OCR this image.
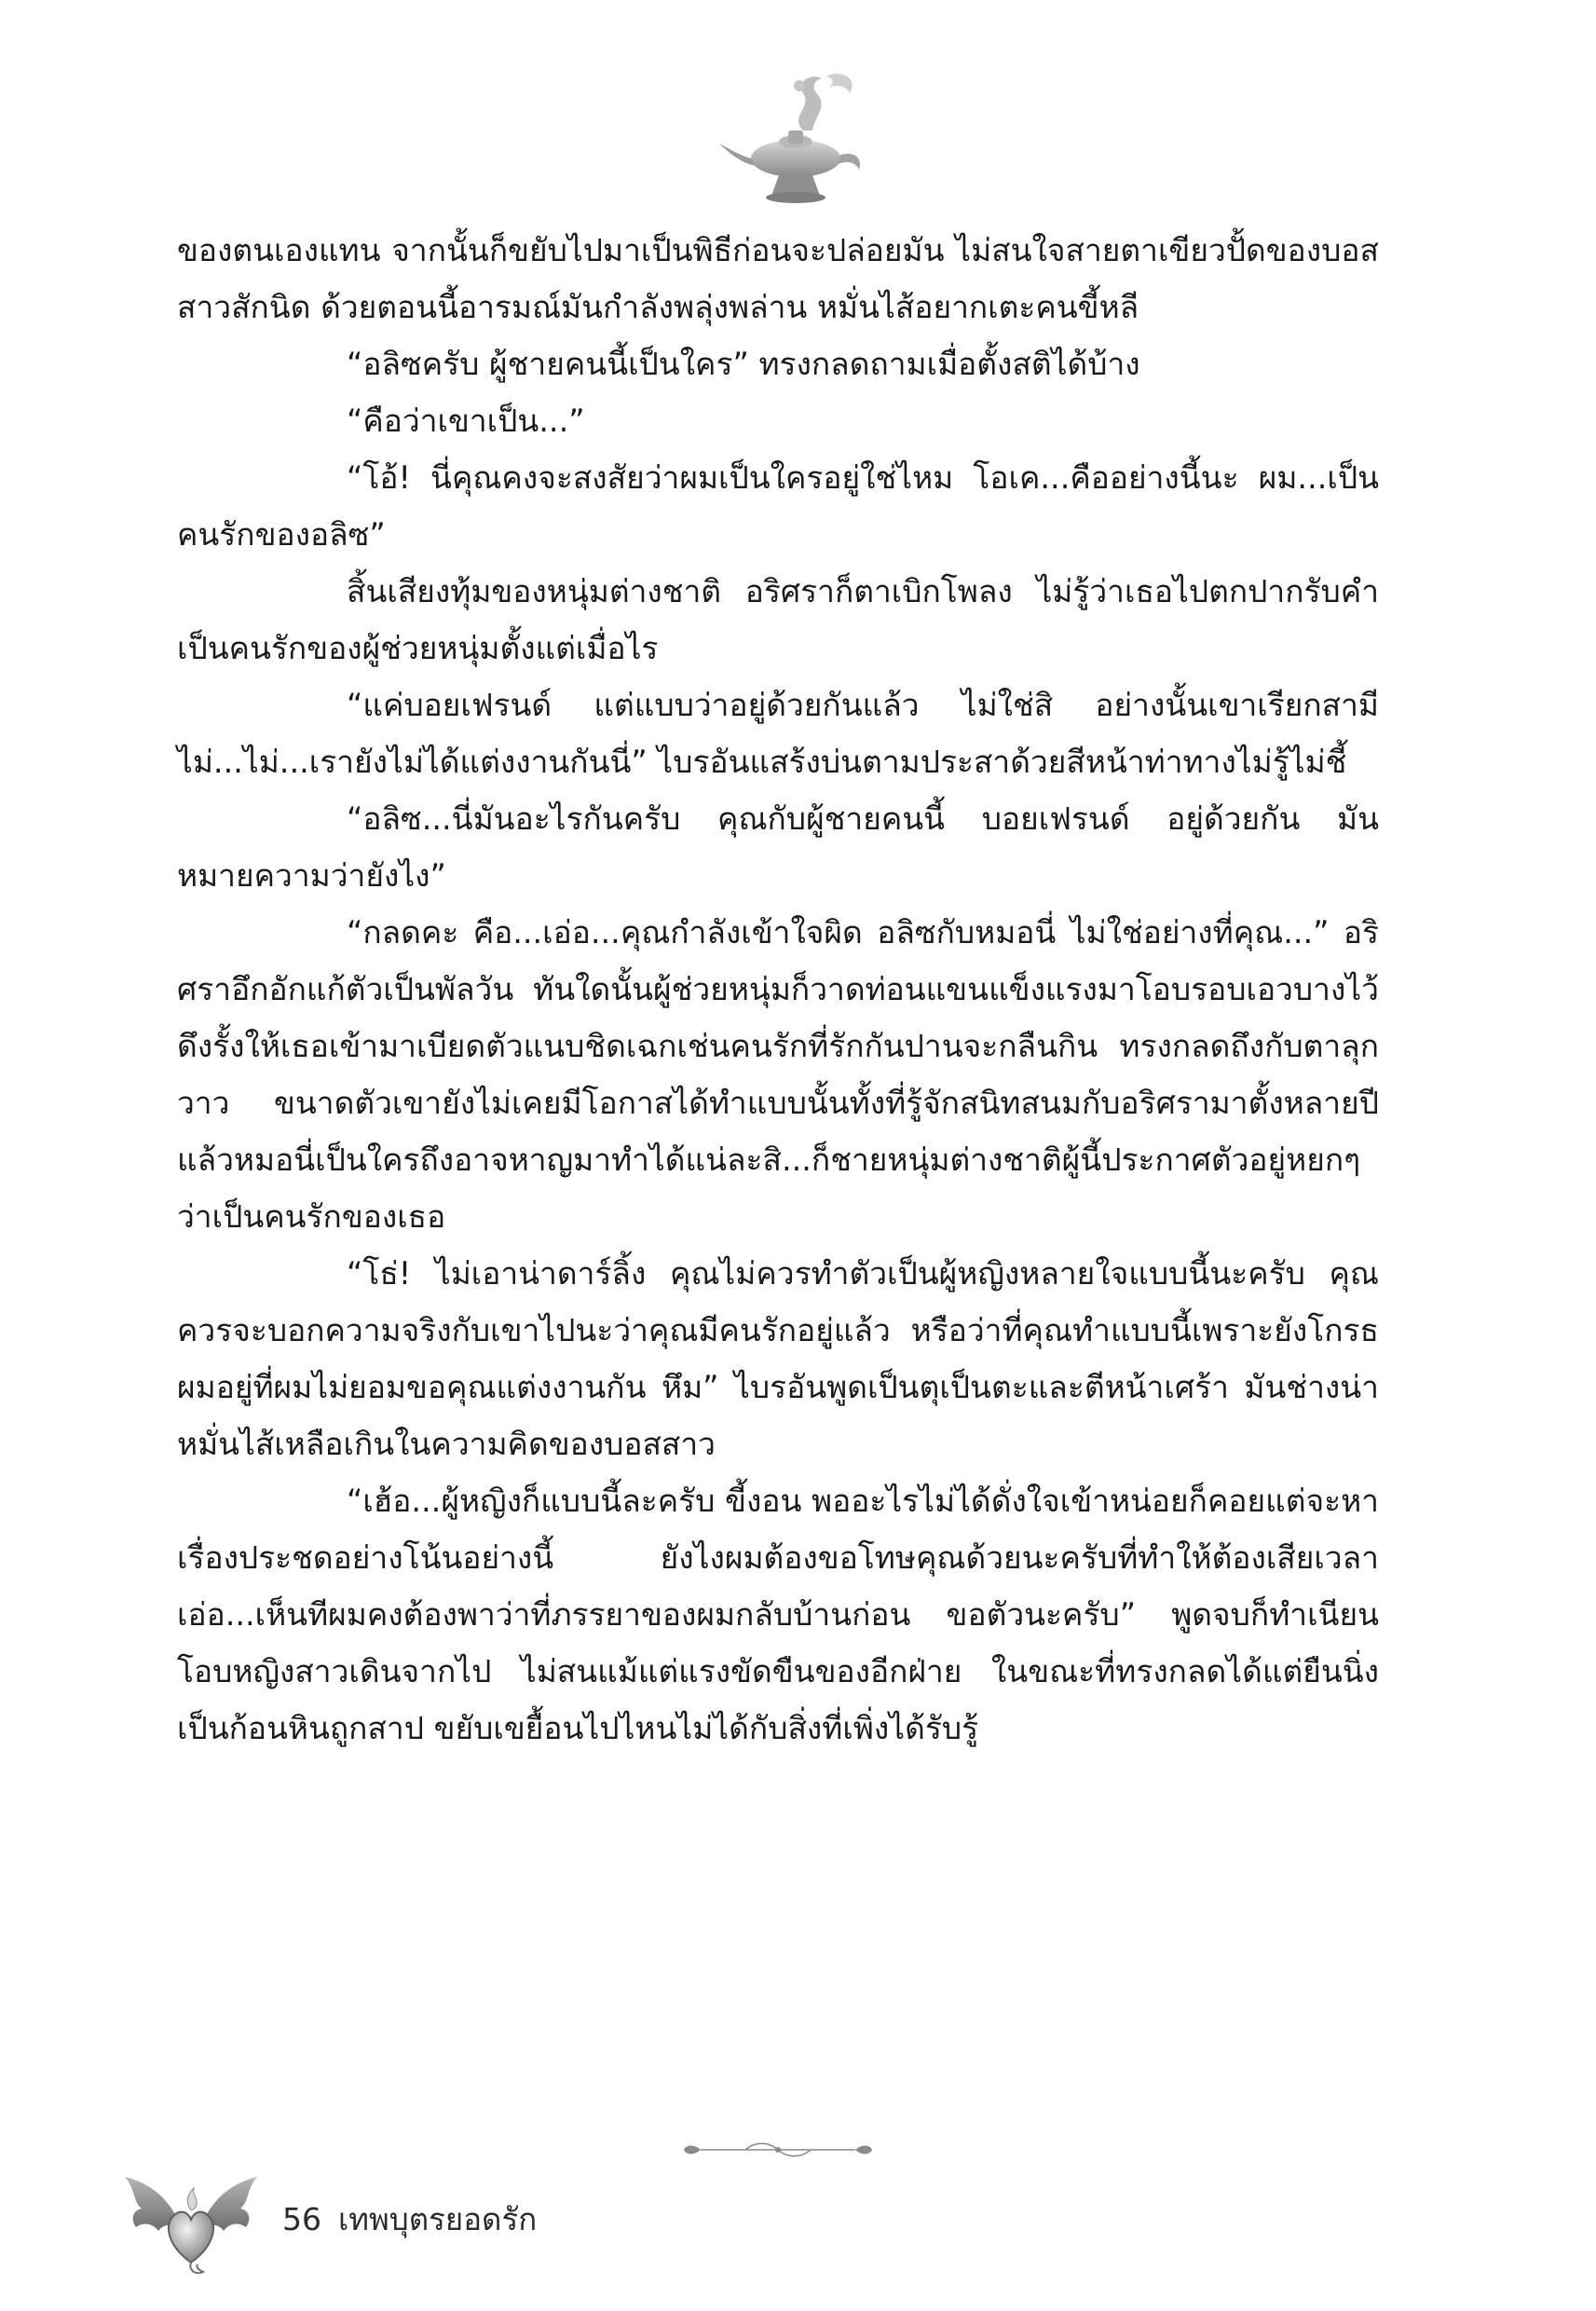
ของตนเองแทน จากนั้นก็ขยับไปมาเป็นพิธีก่อนจะปล่อยมัน ไม่สนใจสายตาเขียวปั้ดของบอสสาวสักนิด ด้วยตอนนี้อารมณ์มันกำลังพลุ่งพล่าน หมั่นไส้อยากเตะคนขี้หลี

“อลิซครับ ผู้ชายคนนี้เป็นใคร” ทรงกลดถามเมื่อตั้งสติได้บ้าง

“คือว่าเขาเป็น...”

“โอ้! นี่คุณคงจะสงสัยว่าผมเป็นใครอยู่ใช่ไหม โอเค...คืออย่างนี้นะ ผม...เป็นคนรักของอลิซ”

สิ้นเสียงทุ้มของหนุ่มต่างชาติ อริศราก็ตาเบิกโพลง ไม่รู้ว่าเธอไปตกปากรับคำเป็นคนรักของผู้ช่วยหนุ่มตั้งแต่เมื่อไร

“แค่บอยเฟรนด์ แต่แบบว่าอยู่ด้วยกันแล้ว ไม่ใช่สิ อย่างนั้นเขาเรียกสามี ไม่...ไม่...เรายังไม่ได้แต่งงานกันนี่” ไบรอันแสร้งบ่นตามประสาด้วยสีหน้าท่าทางไม่รู้ไม่ชี้

“อลิซ...นี่มันอะไรกันครับ คุณกับผู้ชายคนนี้ บอยเฟรนด์ อยู่ด้วยกัน มันหมายความว่ายังไง”

“กลดคะ คือ...เอ่อ...คุณกำลังเข้าใจผิด อลิซกับหมอนี่ ไม่ใช่อย่างที่คุณ...” อริศราอึกอักแก้ตัวเป็นพัลวัน ทันใดนั้นผู้ช่วยหนุ่มก็วาดท่อนแขนแข็งแรงมาโอบรอบเอวบางไว้ ดึงรั้งให้เธอเข้ามาเบียดตัวแนบชิดเฉกเช่นคนรักที่รักกันปานจะกลืนกิน ทรงกลดถึงกับตาลุกวาว ขนาดตัวเขายังไม่เคยมีโอกาสได้ทำแบบนั้นทั้งที่รู้จักสนิทสนมกับอริศรามาตั้งหลายปี แล้วหมอนี่เป็นใครถึงอาจหาญมาทำได้แน่ละสิ...ก็ชายหนุ่มต่างชาติผู้นี้ประกาศตัวอยู่หยกๆ ว่าเป็นคนรักของเธอ

“โธ่! ไม่เอาน่าดาร์ลิ้ง คุณไม่ควรทำตัวเป็นผู้หญิงหลายใจแบบนี้นะครับ คุณควรจะบอกความจริงกับเขาไปนะว่าคุณมีคนรักอยู่แล้ว หรือว่าที่คุณทำแบบนี้เพราะยังโกรธผมอยู่ที่ผมไม่ยอมขอคุณแต่งงานกัน หึม” ไบรอันพูดเป็นตุเป็นตะและตีหน้าเศร้า มันช่างน่าหมั่นไส้เหลือเกินในความคิดของบอสสาว

“เฮ้อ...ผู้หญิงก็แบบนี้ละครับ ขี้งอน พออะไรไม่ได้ดั่งใจเข้าหน่อยก็คอยแต่จะหาเรื่องประชดอย่างโน้นอย่างนี้ ยังไงผมต้องขอโทษคุณด้วยนะครับที่ทำให้ต้องเสียเวลา เอ่อ...เห็นทีผมคงต้องพาว่าที่ภรรยาของผมกลับบ้านก่อน ขอตัวนะครับ” พูดจบก็ทำเนียนโอบหญิงสาวเดินจากไป ไม่สนแม้แต่แรงขัดขืนของอีกฝ่าย ในขณะที่ทรงกลดได้แต่ยืนนิ่งเป็นก้อนหินถูกสาป ขยับเขยื้อนไปไหนไม่ได้กับสิ่งที่เพิ่งได้รับรู้

56 เทพบุตรยอดรัก
